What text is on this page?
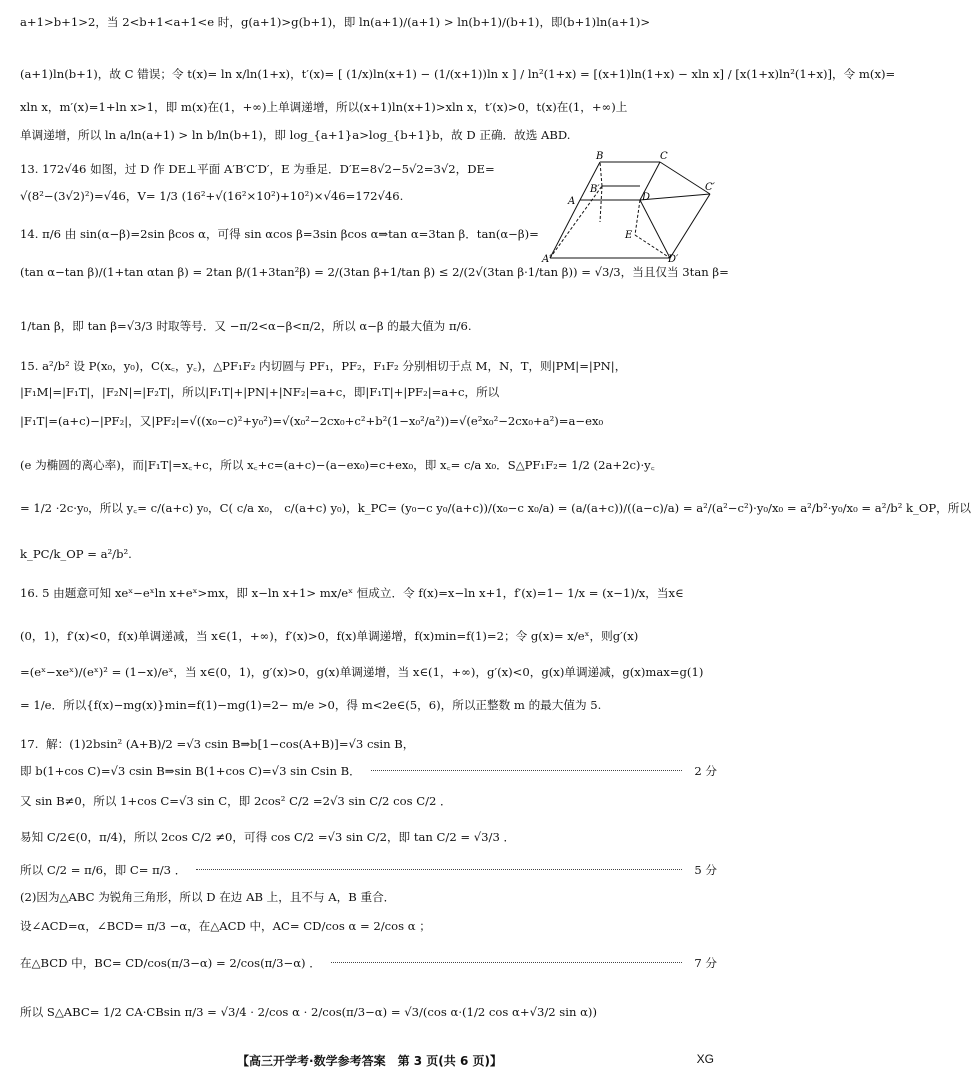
a+1>b+1>2，当 2<b+1<a+1<e 时，g(a+1)>g(b+1)，即 ln(a+1)/(a+1) > ln(b+1)/(b+1)，即(b+1)ln(a+1)>
(a+1)ln(b+1)，故 C 错误；令 t(x)= ln x/ln(1+x)，t′(x)= [ (1/x)ln(x+1) − (1/(x+1))ln x ] / ln²(1+x) = [(x+1)ln(1+x) − xln x] / [x(1+x)ln²(1+x)]，令 m(x)=
xln x，m′(x)=1+ln x>1，即 m(x)在(1，+∞)上单调递增，所以(x+1)ln(x+1)>xln x，t′(x)>0，t(x)在(1，+∞)上
单调递增，所以 ln a/ln(a+1) > ln b/ln(b+1)，即 log_{a+1}a>log_{b+1}b，故 D 正确．故选 ABD.
13. 172√46 如图，过 D 作 DE⊥平面 A′B′C′D′，E 为垂足．D′E=8√2−5√2=3√2，DE=
√(8²−(3√2)²)=√46，V= 1/3 (16²+√(16²×10²)+10²)×√46=172√46.
14. π/6 由 sin(α−β)=2sin βcos α，可得 sin αcos β=3sin βcos α⇒tan α=3tan β．tan(α−β)=
(tan α−tan β)/(1+tan αtan β) = 2tan β/(1+3tan²β) = 2/(3tan β+1/tan β) ≤ 2/(2√(3tan β·1/tan β)) = √3/3，当且仅当 3tan β=
1/tan β，即 tan β=√3/3 时取等号．又 −π/2<α−β<π/2，所以 α−β 的最大值为 π/6.
15. a²/b² 设 P(x₀，y₀)，C(x꜀，y꜀)，△PF₁F₂ 内切圆与 PF₁，PF₂，F₁F₂ 分别相切于点 M，N，T，则|PM|=|PN|，
|F₁M|=|F₁T|，|F₂N|=|F₂T|，所以|F₁T|+|PN|+|NF₂|=a+c，即|F₁T|+|PF₂|=a+c，所以
|F₁T|=(a+c)−|PF₂|，又|PF₂|=√((x₀−c)²+y₀²)=√(x₀²−2cx₀+c²+b²(1−x₀²/a²))=√(e²x₀²−2cx₀+a²)=a−ex₀
(e 为椭圆的离心率)，而|F₁T|=x꜀+c，所以 x꜀+c=(a+c)−(a−ex₀)=c+ex₀，即 x꜀= c/a x₀．S△PF₁F₂= 1/2 (2a+2c)·y꜀
= 1/2 ·2c·y₀，所以 y꜀= c/(a+c) y₀，C( c/a x₀， c/(a+c) y₀)，k_PC= (y₀−c y₀/(a+c))/(x₀−c x₀/a) = (a/(a+c))/((a−c)/a) = a²/(a²−c²)·y₀/x₀ = a²/b²·y₀/x₀ = a²/b² k_OP，所以
k_PC/k_OP = a²/b².
16. 5 由题意可知 xeˣ−eˣln x+eˣ>mx，即 x−ln x+1> mx/eˣ 恒成立．令 f(x)=x−ln x+1，f′(x)=1− 1/x = (x−1)/x，当x∈
(0，1)，f′(x)<0，f(x)单调递减，当 x∈(1，+∞)，f′(x)>0，f(x)单调递增，f(x)min=f(1)=2；令 g(x)= x/eˣ，则g′(x)
=(eˣ−xeˣ)/(eˣ)² = (1−x)/eˣ，当 x∈(0，1)，g′(x)>0，g(x)单调递增，当 x∈(1，+∞)，g′(x)<0，g(x)单调递减，g(x)max=g(1)
= 1/e．所以{f(x)−mg(x)}min=f(1)−mg(1)=2− m/e >0，得 m<2e∈(5，6)，所以正整数 m 的最大值为 5.
17. 解：(1)2bsin² (A+B)/2 =√3 csin B⇒b[1−cos(A+B)]=√3 csin B，
即 b(1+cos C)=√3 csin B⇒sin B(1+cos C)=√3 sin Csin B．	2 分
又 sin B≠0，所以 1+cos C=√3 sin C，即 2cos² C/2 =2√3 sin C/2 cos C/2 ．
易知 C/2∈(0，π/4)，所以 2cos C/2 ≠0，可得 cos C/2 =√3 sin C/2，即 tan C/2 = √3/3 ．
所以 C/2 = π/6，即 C= π/3 ．	5 分
(2)因为△ABC 为锐角三角形，所以 D 在边 AB 上，且不与 A，B 重合．
设∠ACD=α，∠BCD= π/3 −α，在△ACD 中，AC= CD/cos α = 2/cos α ；
在△BCD 中，BC= CD/cos(π/3−α) = 2/cos(π/3−α) ．	7 分
所以 S△ABC= 1/2 CA·CBsin π/3 = √3/4 · 2/cos α · 2/cos(π/3−α) = √3/(cos α·(1/2 cos α+√3/2 sin α))
B	C
A
B′
D
C′
E
A′	D′
【高三开学考·数学参考答案　第 3 页(共 6 页)】	XG
